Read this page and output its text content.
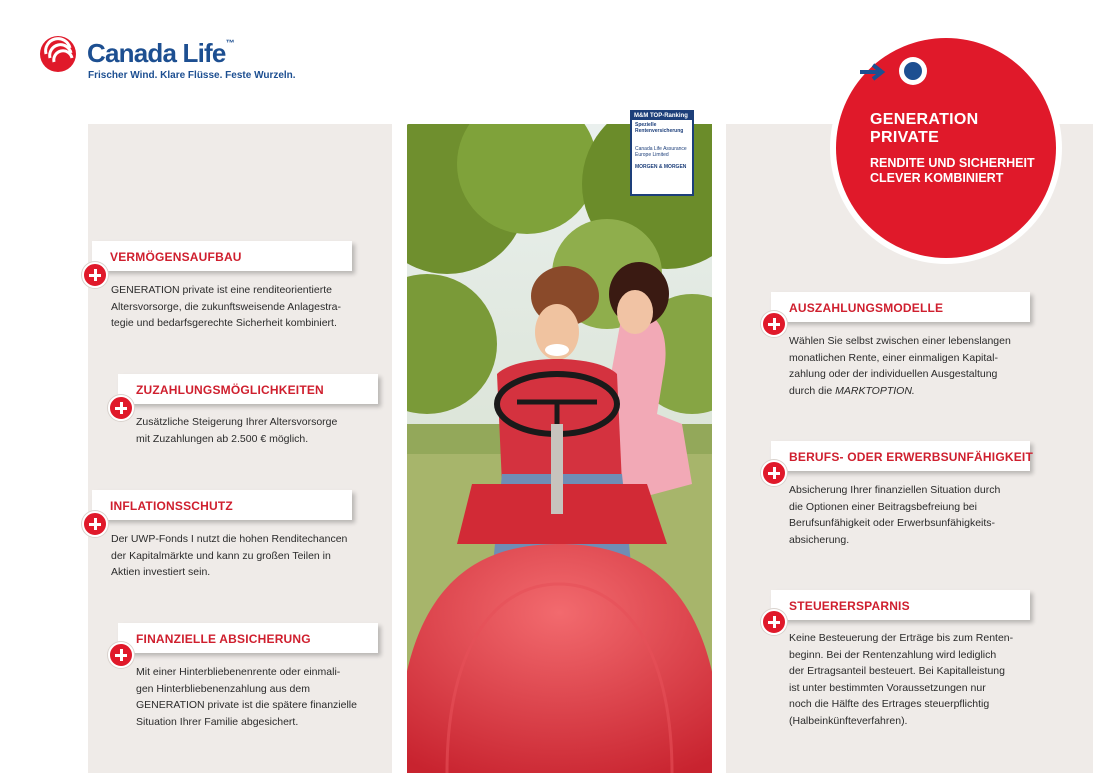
Canada Life™
Frischer Wind. Klare Flüsse. Feste Wurzeln.
M&M TOP-Ranking
Spezielle
Rentenversicherung
Canada Life Assurance Europe Limited
MORGEN & MORGEN
GENERATION
PRIVATE
RENDITE UND SICHERHEIT
CLEVER KOMBINIERT
VERMÖGENSAUFBAU
GENERATION private ist eine renditeorientierte
Altersvorsorge, die zukunftsweisende Anlagestra-
tegie und bedarfsgerechte Sicherheit kombiniert.
ZUZAHLUNGSMÖGLICHKEITEN
Zusätzliche Steigerung Ihrer Altersvorsorge
mit Zuzahlungen ab 2.500 € möglich.
INFLATIONSSCHUTZ
Der UWP-Fonds I nutzt die hohen Renditechancen
der Kapitalmärkte und kann zu großen Teilen in
Aktien investiert sein.
FINANZIELLE ABSICHERUNG
Mit einer Hinterbliebenenrente oder einmali-
gen Hinterbliebenenzahlung aus dem
GENERATION private ist die spätere finanzielle
Situation Ihrer Familie abgesichert.
AUSZAHLUNGSMODELLE
Wählen Sie selbst zwischen einer lebenslangen
monatlichen Rente, einer einmaligen Kapital-
zahlung oder der individuellen Ausgestaltung
durch die MARKTOPTION.
BERUFS- ODER ERWERBSUNFÄHIGKEIT
Absicherung Ihrer finanziellen Situation durch
die Optionen einer Beitragsbefreiung bei
Berufsunfähigkeit oder Erwerbsunfähigkeits-
absicherung.
STEUERERSPARNIS
Keine Besteuerung der Erträge bis zum Renten-
beginn. Bei der Rentenzahlung wird lediglich
der Ertragsanteil besteuert. Bei Kapitalleistung
ist unter bestimmten Voraussetzungen nur
noch die Hälfte des Ertrages steuerpflichtig
(Halbeinkünfteverfahren).
